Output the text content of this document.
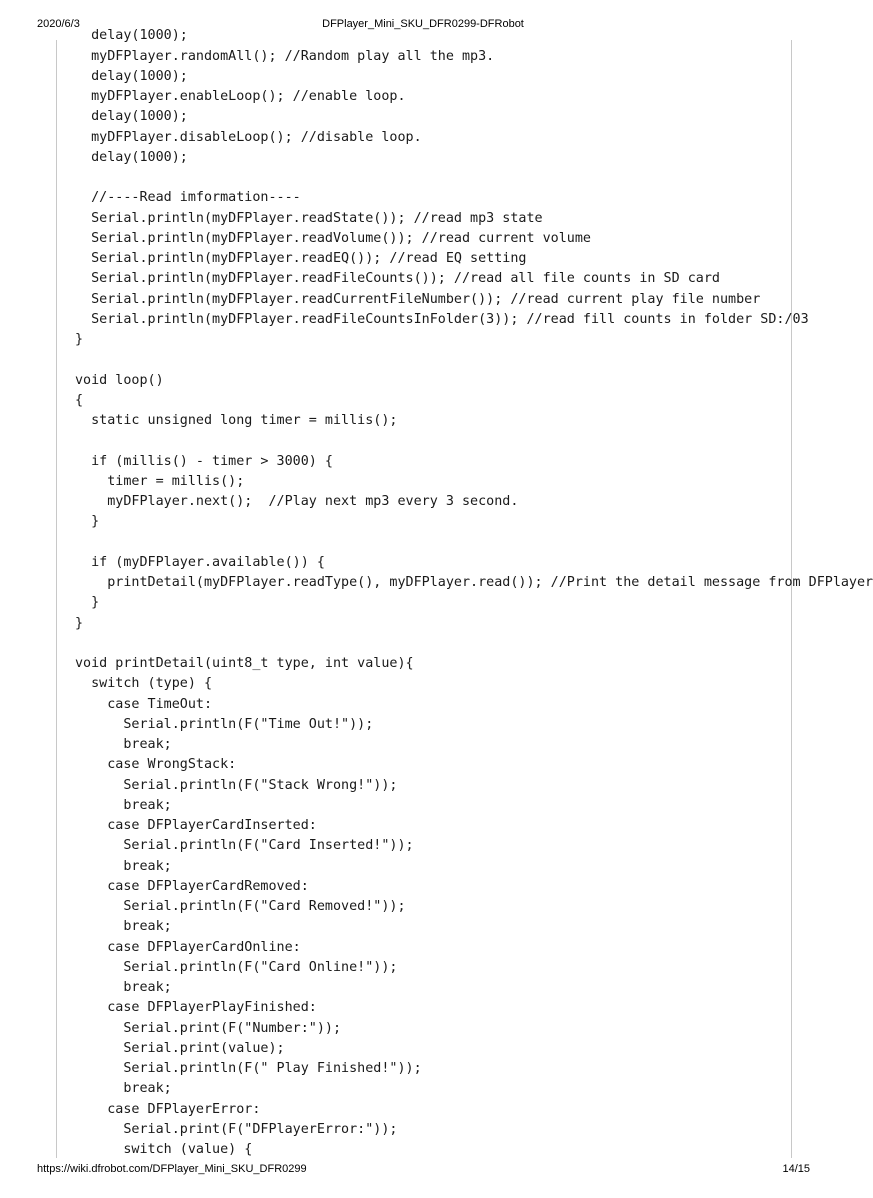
2020/6/3	DFPlayer_Mini_SKU_DFR0299-DFRobot
delay(1000);
myDFPlayer.randomAll(); //Random play all the mp3.
delay(1000);
myDFPlayer.enableLoop(); //enable loop.
delay(1000);
myDFPlayer.disableLoop(); //disable loop.
delay(1000);
//----Read imformation----
Serial.println(myDFPlayer.readState()); //read mp3 state
Serial.println(myDFPlayer.readVolume()); //read current volume
Serial.println(myDFPlayer.readEQ()); //read EQ setting
Serial.println(myDFPlayer.readFileCounts()); //read all file counts in SD card
Serial.println(myDFPlayer.readCurrentFileNumber()); //read current play file number
Serial.println(myDFPlayer.readFileCountsInFolder(3)); //read fill counts in folder SD:/03
}
void loop()
{
static unsigned long timer = millis();
if (millis() - timer > 3000) {
timer = millis();
myDFPlayer.next();  //Play next mp3 every 3 second.
}
if (myDFPlayer.available()) {
printDetail(myDFPlayer.readType(), myDFPlayer.read()); //Print the detail message from DFPlayer
}
}
void printDetail(uint8_t type, int value){
switch (type) {
case TimeOut:
Serial.println(F("Time Out!"));
break;
case WrongStack:
Serial.println(F("Stack Wrong!"));
break;
case DFPlayerCardInserted:
Serial.println(F("Card Inserted!"));
break;
case DFPlayerCardRemoved:
Serial.println(F("Card Removed!"));
break;
case DFPlayerCardOnline:
Serial.println(F("Card Online!"));
break;
case DFPlayerPlayFinished:
Serial.print(F("Number:"));
Serial.print(value);
Serial.println(F(" Play Finished!"));
break;
case DFPlayerError:
Serial.print(F("DFPlayerError:"));
switch (value) {
https://wiki.dfrobot.com/DFPlayer_Mini_SKU_DFR0299	14/15
